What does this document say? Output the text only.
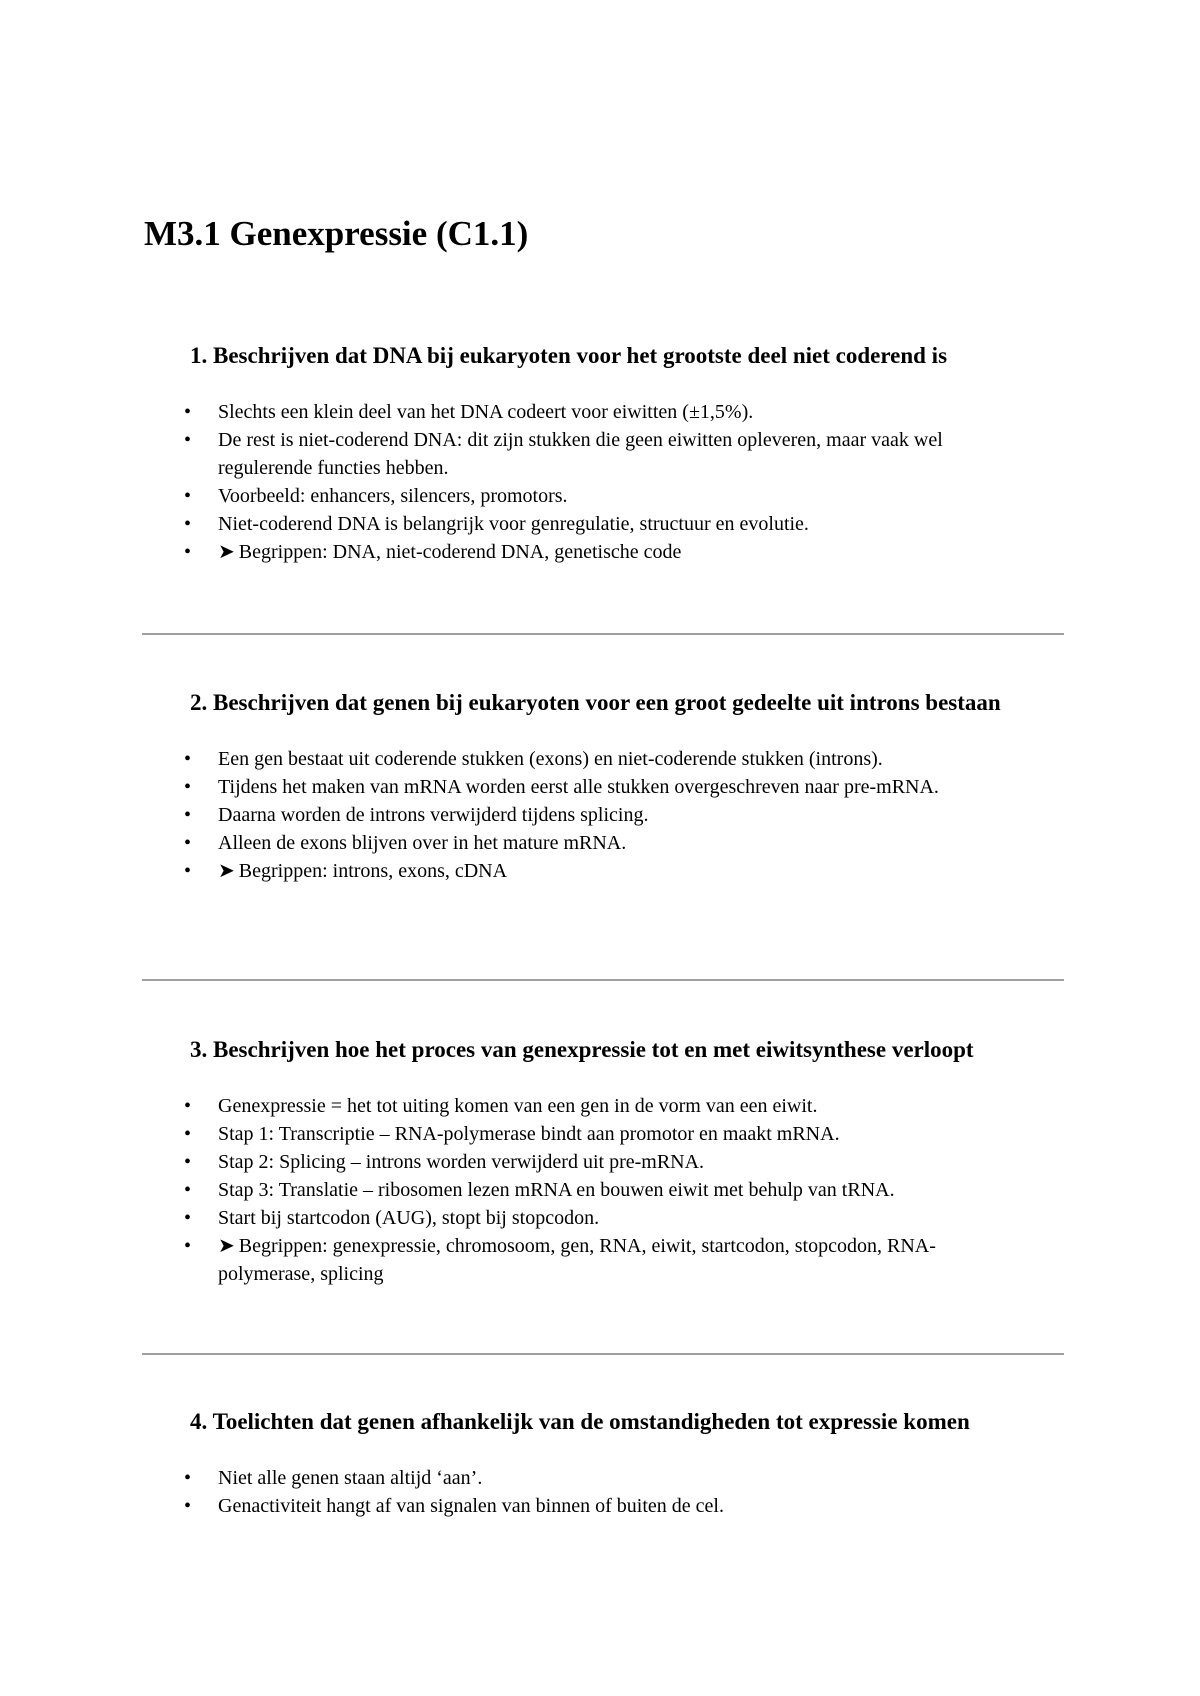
M3.1 Genexpressie (C1.1)
1. Beschrijven dat DNA bij eukaryoten voor het grootste deel niet coderend is
•	Slechts een klein deel van het DNA codeert voor eiwitten (±1,5%).
•	De rest is niet-coderend DNA: dit zijn stukken die geen eiwitten opleveren, maar vaak wel regulerende functies hebben.
•	Voorbeeld: enhancers, silencers, promotors.
•	Niet-coderend DNA is belangrijk voor genregulatie, structuur en evolutie.
•	➤ Begrippen: DNA, niet-coderend DNA, genetische code
2. Beschrijven dat genen bij eukaryoten voor een groot gedeelte uit introns bestaan
•	Een gen bestaat uit coderende stukken (exons) en niet-coderende stukken (introns).
•	Tijdens het maken van mRNA worden eerst alle stukken overgeschreven naar pre-mRNA.
•	Daarna worden de introns verwijderd tijdens splicing.
•	Alleen de exons blijven over in het mature mRNA.
•	➤ Begrippen: introns, exons, cDNA
3. Beschrijven hoe het proces van genexpressie tot en met eiwitsynthese verloopt
•	Genexpressie = het tot uiting komen van een gen in de vorm van een eiwit.
•	Stap 1: Transcriptie – RNA-polymerase bindt aan promotor en maakt mRNA.
•	Stap 2: Splicing – introns worden verwijderd uit pre-mRNA.
•	Stap 3: Translatie – ribosomen lezen mRNA en bouwen eiwit met behulp van tRNA.
•	Start bij startcodon (AUG), stopt bij stopcodon.
•	➤ Begrippen: genexpressie, chromosoom, gen, RNA, eiwit, startcodon, stopcodon, RNA-polymerase, splicing
4. Toelichten dat genen afhankelijk van de omstandigheden tot expressie komen
•	Niet alle genen staan altijd ‘aan’.
•	Genactiviteit hangt af van signalen van binnen of buiten de cel.
